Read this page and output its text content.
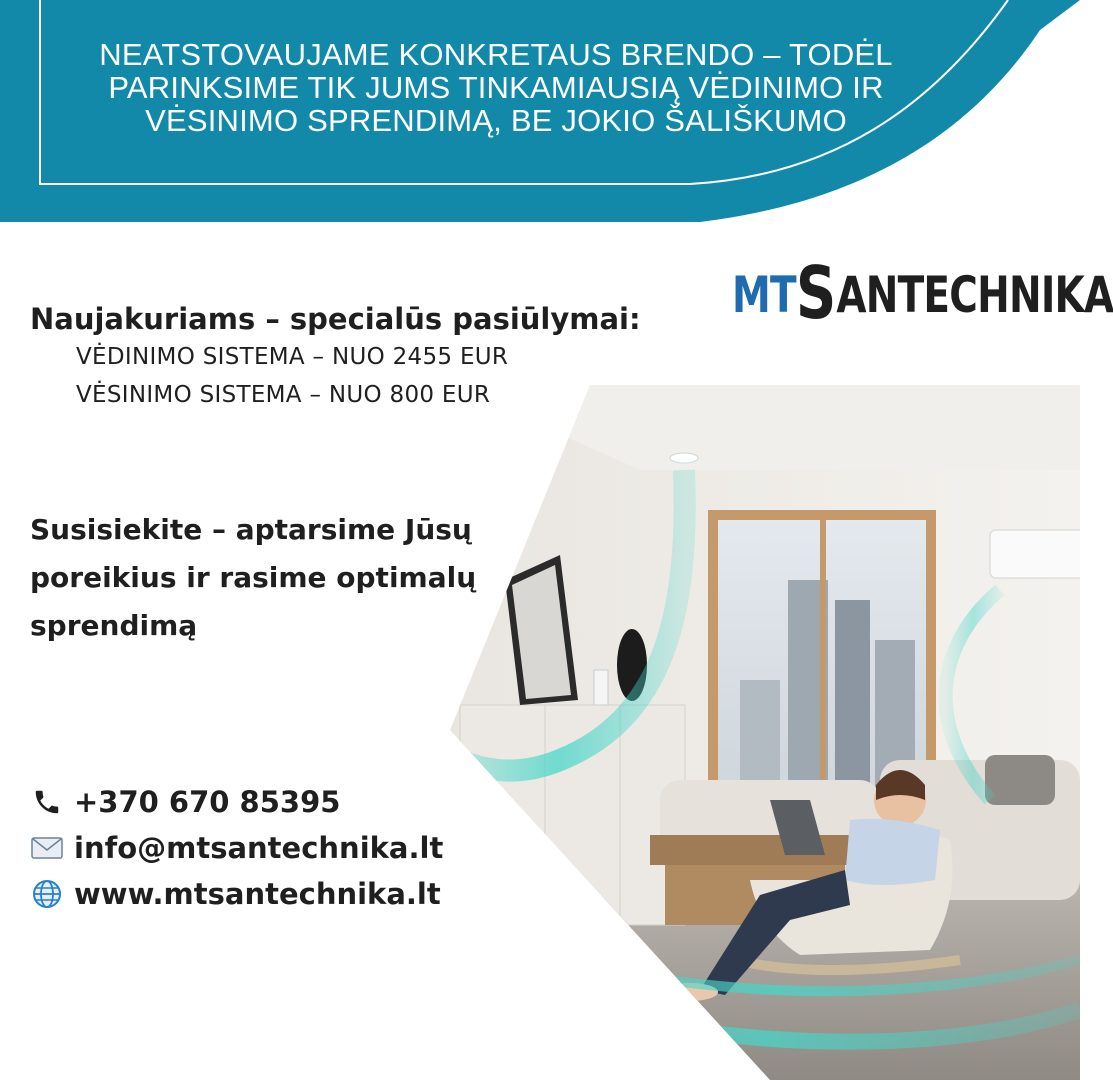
NEATSTOVAUJAME KONKRETAUS BRENDO – TODĖL
PARINKSIME TIK JUMS TINKAMIAUSIĄ VĖDINIMO IR
VĖSINIMO SPRENDIMĄ, BE JOKIO ŠALIŠKUMO
MTSANTECHNIKA
Naujakuriams – specialūs pasiūlymai:
VĖDINIMO SISTEMA – NUO 2455 EUR
VĖSINIMO SISTEMA – NUO 800 EUR
Susisiekite – aptarsime Jūsų poreikius ir rasime optimalų sprendimą
+370 670 85395
info@mtsantechnika.lt
www.mtsantechnika.lt
